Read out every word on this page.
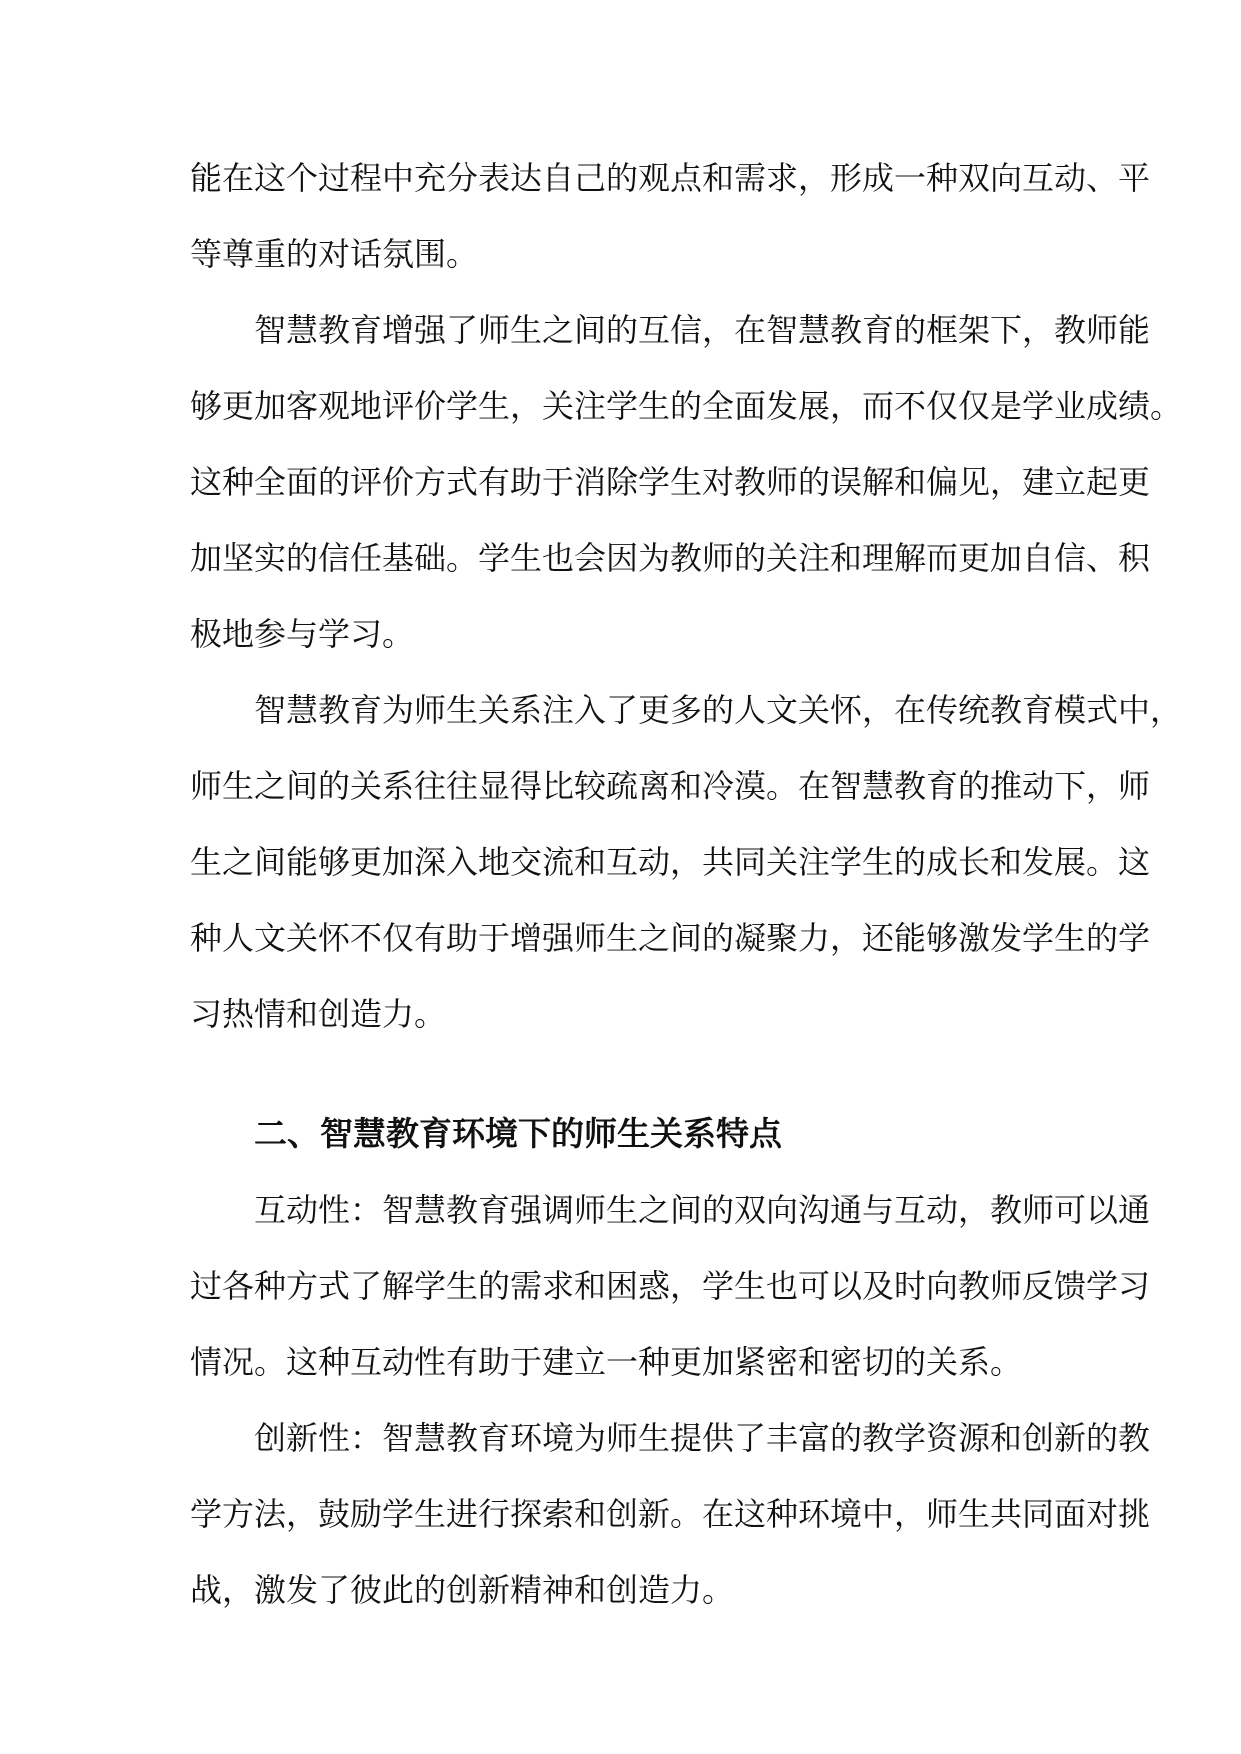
能在这个过程中充分表达自己的观点和需求，形成一种双向互动、平
等尊重的对话氛围。
智慧教育增强了师生之间的互信，在智慧教育的框架下，教师能
够更加客观地评价学生，关注学生的全面发展，而不仅仅是学业成绩。
这种全面的评价方式有助于消除学生对教师的误解和偏见，建立起更
加坚实的信任基础。学生也会因为教师的关注和理解而更加自信、积
极地参与学习。
智慧教育为师生关系注入了更多的人文关怀，在传统教育模式中，
师生之间的关系往往显得比较疏离和冷漠。在智慧教育的推动下，师
生之间能够更加深入地交流和互动，共同关注学生的成长和发展。这
种人文关怀不仅有助于增强师生之间的凝聚力，还能够激发学生的学
习热情和创造力。
二、智慧教育环境下的师生关系特点
互动性：智慧教育强调师生之间的双向沟通与互动，教师可以通
过各种方式了解学生的需求和困惑，学生也可以及时向教师反馈学习
情况。这种互动性有助于建立一种更加紧密和密切的关系。
创新性：智慧教育环境为师生提供了丰富的教学资源和创新的教
学方法，鼓励学生进行探索和创新。在这种环境中，师生共同面对挑
战，激发了彼此的创新精神和创造力。
